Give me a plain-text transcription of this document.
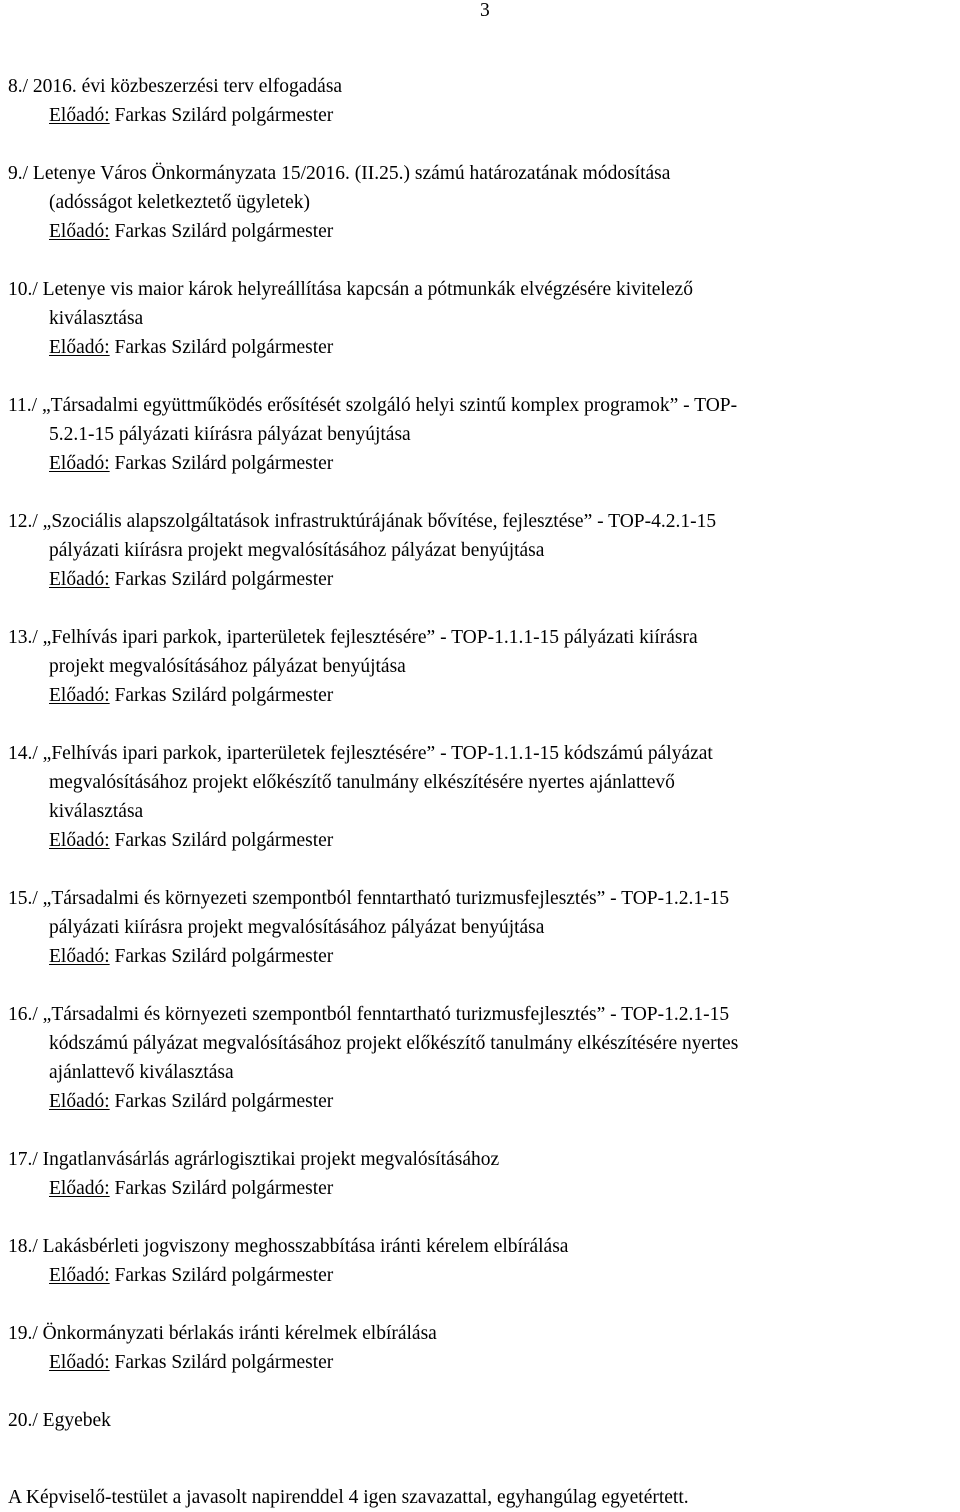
3
8./ 2016. évi közbeszerzési terv elfogadása
Előadó: Farkas Szilárd polgármester
9./ Letenye Város Önkormányzata 15/2016. (II.25.) számú határozatának módosítása
(adósságot keletkeztető ügyletek)
Előadó: Farkas Szilárd polgármester
10./ Letenye vis maior károk helyreállítása kapcsán a pótmunkák elvégzésére kivitelező
kiválasztása
Előadó: Farkas Szilárd polgármester
11./ „Társadalmi együttműködés erősítését szolgáló helyi szintű komplex programok” - TOP-
5.2.1-15 pályázati kiírásra pályázat benyújtása
Előadó: Farkas Szilárd polgármester
12./ „Szociális alapszolgáltatások infrastruktúrájának bővítése, fejlesztése” - TOP-4.2.1-15
pályázati kiírásra projekt megvalósításához pályázat benyújtása
Előadó: Farkas Szilárd polgármester
13./ „Felhívás ipari parkok, iparterületek fejlesztésére” - TOP-1.1.1-15 pályázati kiírásra
projekt megvalósításához pályázat benyújtása
Előadó: Farkas Szilárd polgármester
14./ „Felhívás ipari parkok, iparterületek fejlesztésére” - TOP-1.1.1-15 kódszámú pályázat
megvalósításához projekt előkészítő tanulmány elkészítésére nyertes ajánlattevő
kiválasztása
Előadó: Farkas Szilárd polgármester
15./ „Társadalmi és környezeti szempontból fenntartható turizmusfejlesztés” - TOP-1.2.1-15
pályázati kiírásra projekt megvalósításához pályázat benyújtása
Előadó: Farkas Szilárd polgármester
16./ „Társadalmi és környezeti szempontból fenntartható turizmusfejlesztés” - TOP-1.2.1-15
kódszámú pályázat megvalósításához projekt előkészítő tanulmány elkészítésére nyertes
ajánlattevő kiválasztása
Előadó: Farkas Szilárd polgármester
17./ Ingatlanvásárlás agrárlogisztikai projekt megvalósításához
Előadó: Farkas Szilárd polgármester
18./ Lakásbérleti jogviszony meghosszabbítása iránti kérelem elbírálása
Előadó: Farkas Szilárd polgármester
19./ Önkormányzati bérlakás iránti kérelmek elbírálása
Előadó: Farkas Szilárd polgármester
20./ Egyebek
A Képviselő-testület a javasolt napirenddel 4 igen szavazattal, egyhangúlag egyetértett.
